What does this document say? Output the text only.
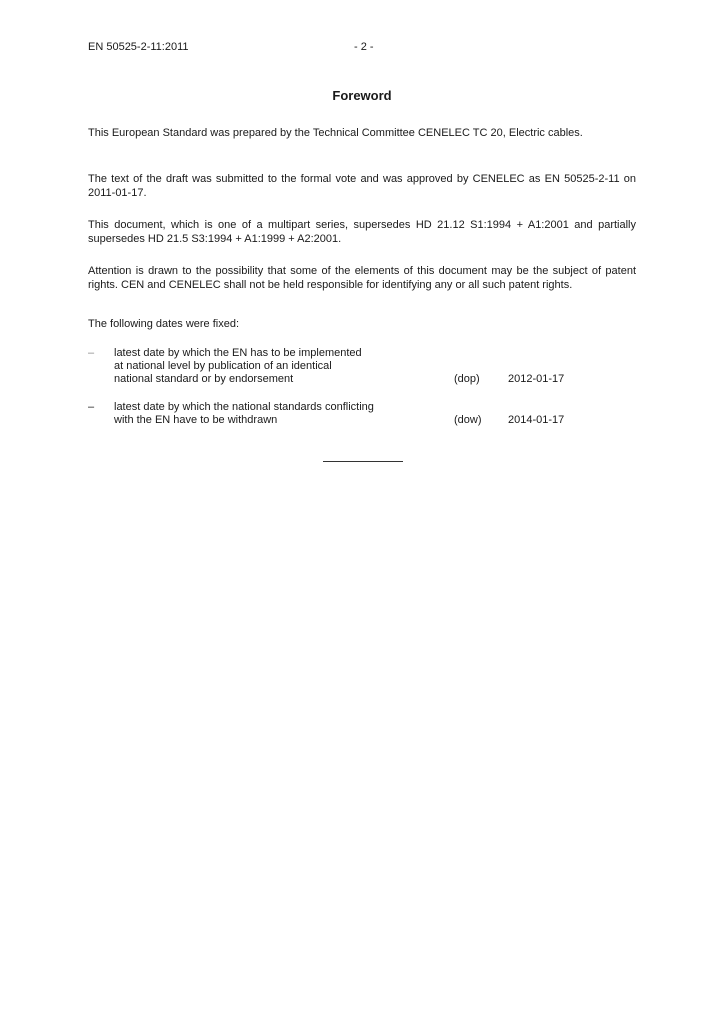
EN 50525-2-11:2011	- 2 -
Foreword
This European Standard was prepared by the Technical Committee CENELEC TC 20, Electric cables.
The text of the draft was submitted to the formal vote and was approved by CENELEC as EN 50525-2-11 on 2011-01-17.
This document, which is one of a multipart series, supersedes HD 21.12 S1:1994 + A1:2001 and partially supersedes HD 21.5 S3:1994 + A1:1999 + A2:2001.
Attention is drawn to the possibility that some of the elements of this document may be the subject of patent rights. CEN and CENELEC shall not be held responsible for identifying any or all such patent rights.
The following dates were fixed:
–	latest date by which the EN has to be implemented
at national level by publication of an identical
national standard or by endorsement	(dop)	2012-01-17
–	latest date by which the national standards conflicting
with the EN have to be withdrawn	(dow)	2014-01-17
